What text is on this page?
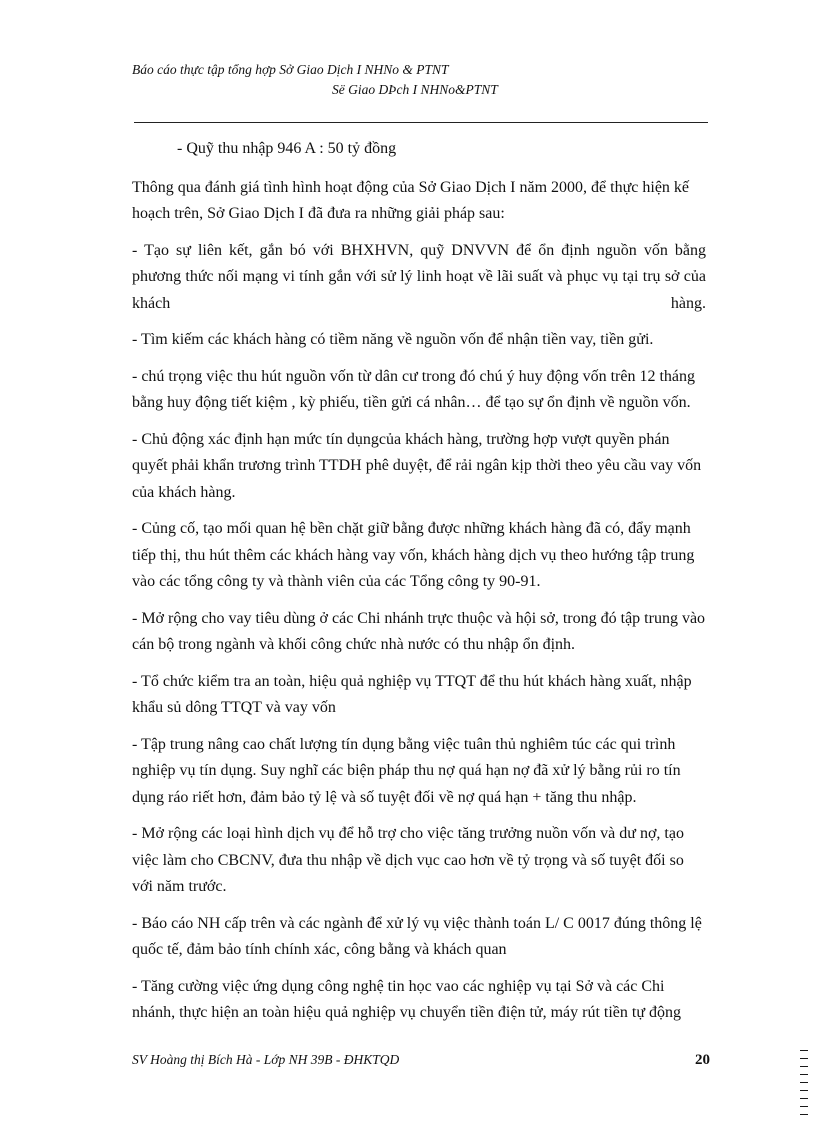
Báo cáo thực tập tổng hợp Sở Giao Dịch I NHNo & PTNT
Së Giao DÞch I NHNo&PTNT

- Quỹ thu nhập 946 A : 50 tỷ đồng

Thông qua đánh giá tình hình hoạt động của Sở Giao Dịch I năm 2000, để thực hiện kế hoạch trên, Sở Giao Dịch I đã đưa ra những giải pháp sau:

- Tạo sự liên kết, gắn bó với BHXHVN, quỹ DNVVN để ổn định nguồn vốn bằng phương thức nối mạng vi tính gắn với sử lý linh hoạt về lãi suất và phục vụ tại trụ sở của khách hàng.

- Tìm kiếm các khách hàng có tiềm năng về nguồn vốn để nhận tiền vay, tiền gửi.

- chú trọng việc thu hút nguồn vốn từ dân cư trong đó chú ý huy động vốn trên 12 tháng bằng huy động tiết kiệm , kỳ phiếu, tiền gửi cá nhân… để tạo sự ổn định về nguồn vốn.

- Chủ động xác định hạn mức tín dụngcủa khách hàng, trường hợp vượt quyền phán quyết phải khẩn trương trình TTDH phê duyệt, để rải ngân kịp thời theo yêu cầu vay vốn của khách hàng.

- Củng cố, tạo mối quan hệ bền chặt giữ bằng được những khách hàng đã có, đẩy mạnh tiếp thị, thu hút thêm các khách hàng vay vốn, khách hàng dịch vụ theo hướng tập trung vào các tổng công ty và thành viên của các Tổng công ty 90-91.

- Mở rộng cho vay tiêu dùng ở các Chi nhánh trực thuộc và hội sở, trong đó tập trung vào cán bộ trong ngành và khối công chức nhà nước có thu nhập ổn định.

- Tổ chức kiểm tra an toàn, hiệu quả nghiệp vụ TTQT để thu hút khách hàng xuất, nhập khẩu sủ dông TTQT và vay vốn

- Tập trung nâng cao chất lượng tín dụng bằng việc tuân thủ nghiêm túc các qui trình nghiệp vụ tín dụng. Suy nghĩ các biện pháp thu nợ quá hạn nợ đã xử lý bằng rủi ro tín dụng ráo riết hơn, đảm bảo tỷ lệ và số tuyệt đối về nợ quá hạn + tăng thu nhập.

- Mở rộng các loại hình dịch vụ để hỗ trợ cho việc tăng trưởng nuồn vốn và dư nợ, tạo việc làm cho CBCNV, đưa thu nhập về dịch vục cao hơn về tỷ trọng và số tuyệt đối so với năm trước.

- Báo cáo NH cấp trên và các ngành để xử lý vụ việc thành toán L/ C 0017 đúng thông lệ quốc tế, đảm bảo tính chính xác, công bằng và khách quan

- Tăng cường việc ứng dụng công nghệ tin học vao các nghiệp vụ tại Sở và các Chi nhánh, thực hiện an toàn hiệu quả nghiệp vụ chuyển tiền điện tử, máy rút tiền tự động

SV Hoàng thị Bích Hà - Lớp NH 39B - ĐHKTQD	20
